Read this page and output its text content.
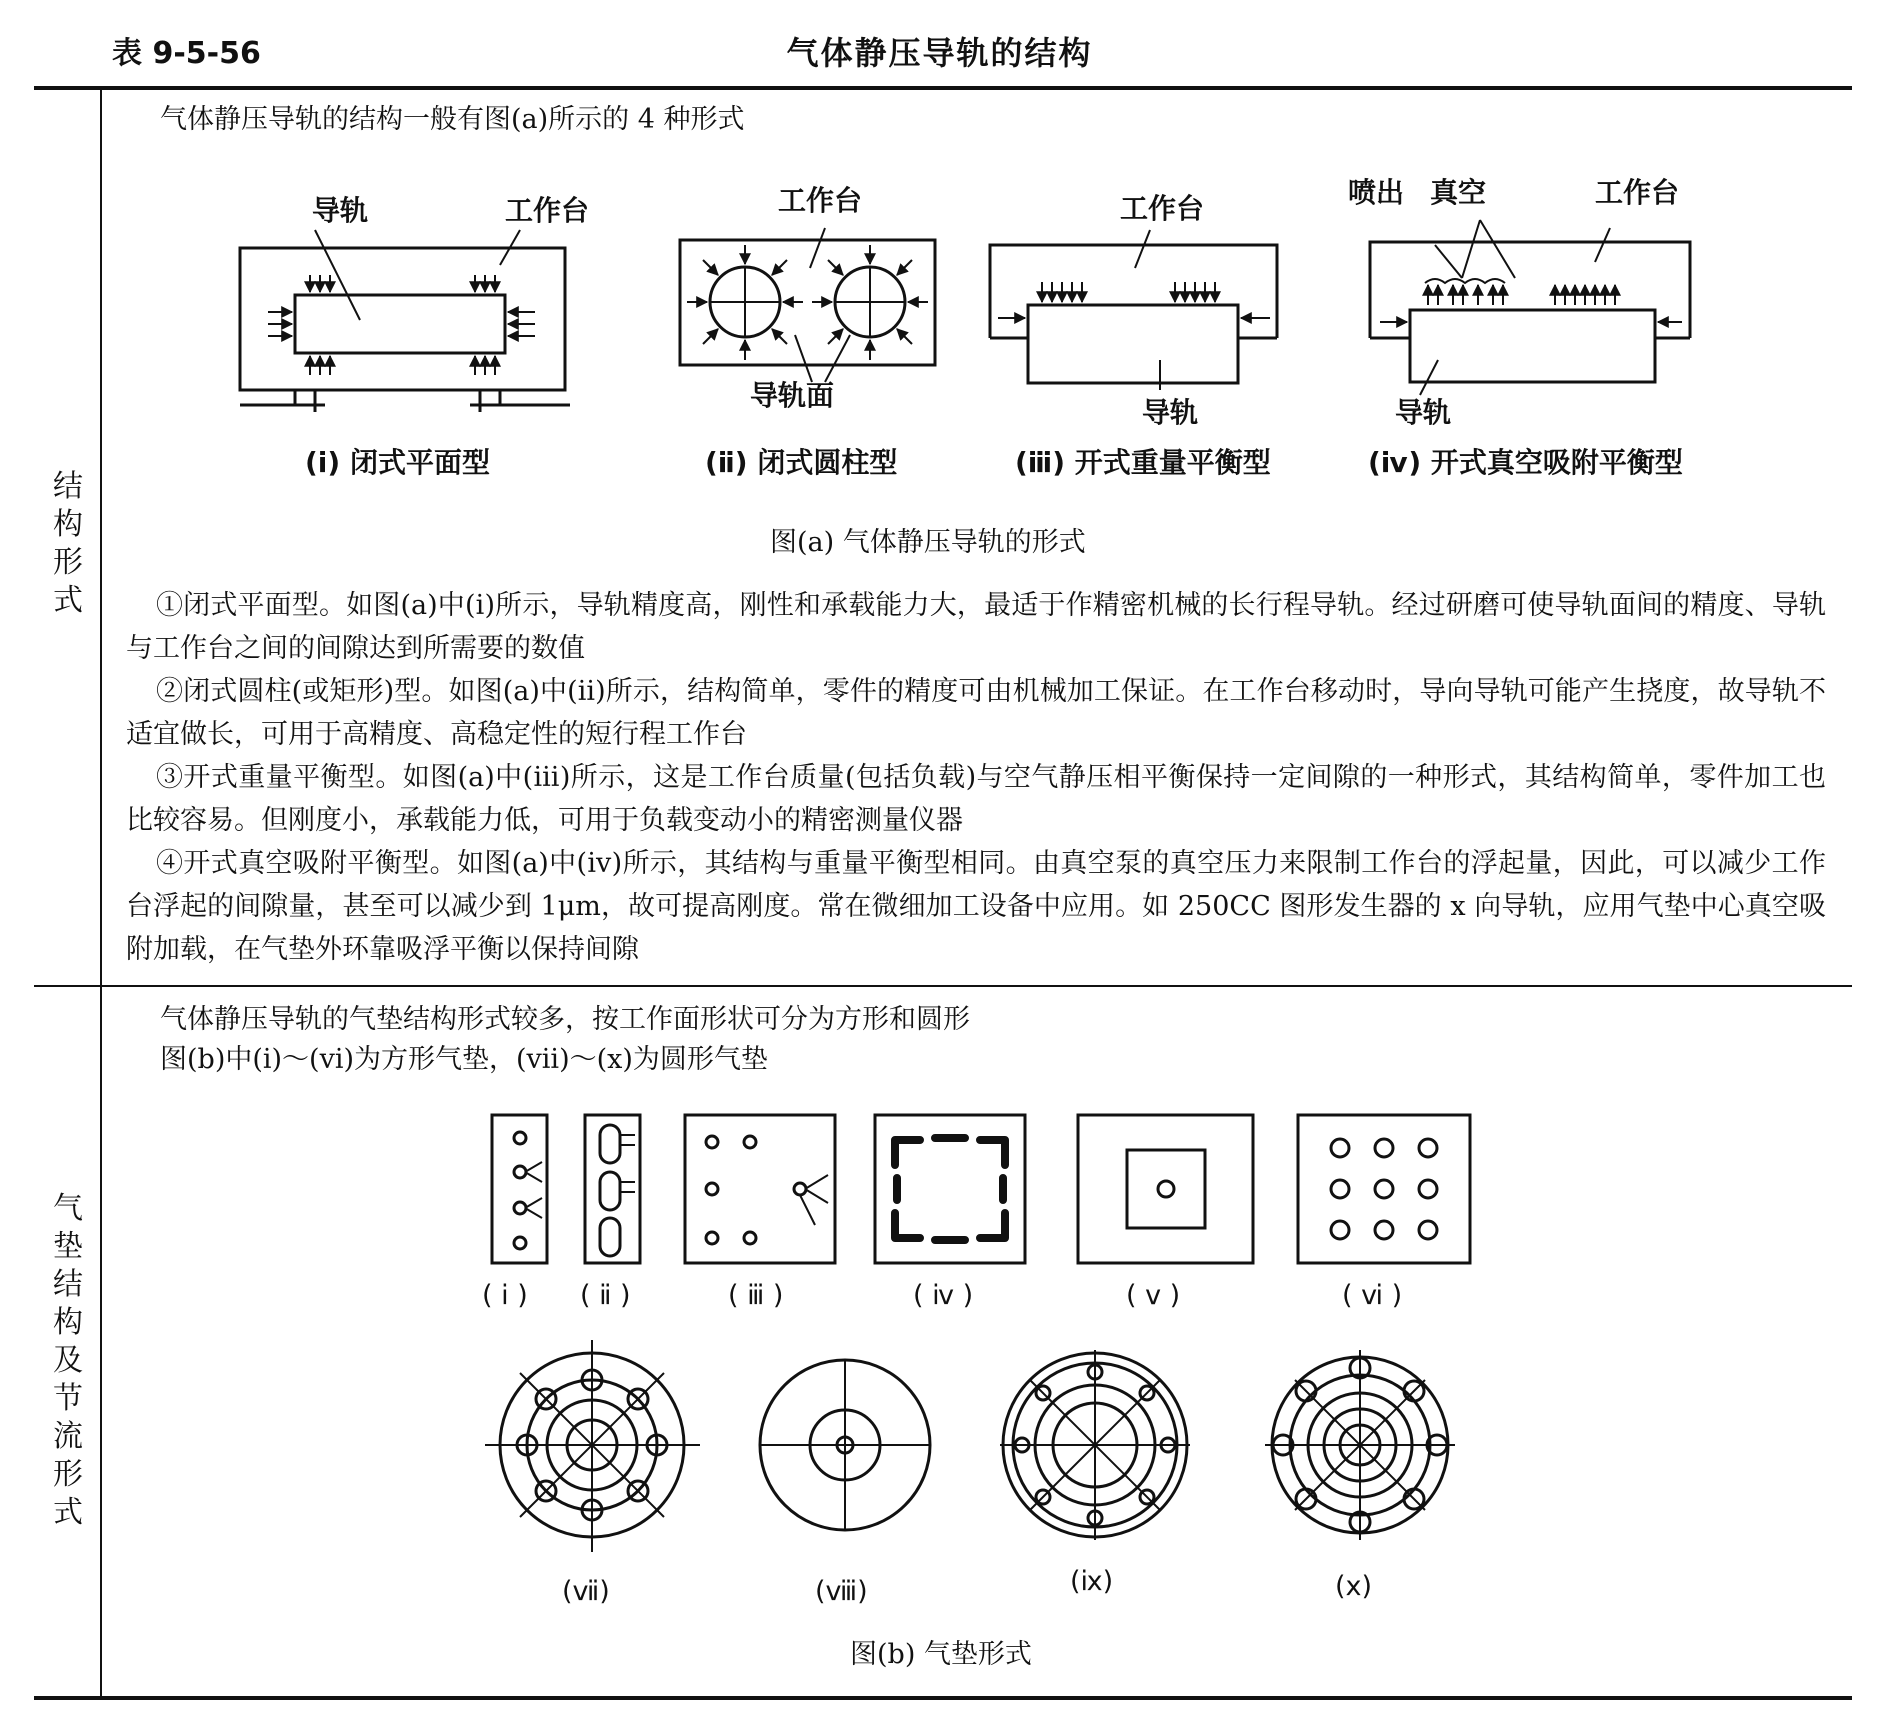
表 9-5-56	气体静压导轨的结构
结
构
形
式
气体静压导轨的结构一般有图(a)所示的 4 种形式
导轨	工作台	工作台
导轨面
工作台
导轨
喷出 真空	工作台
导轨
(ⅰ) 闭式平面型	(ⅱ) 闭式圆柱型	(ⅲ) 开式重量平衡型	(ⅳ) 开式真空吸附平衡型
图(a) 气体静压导轨的形式

①闭式平面型。如图(a)中(ⅰ)所示，导轨精度高，刚性和承载能力大，最适于作精密机械的长行程导轨。经过研磨可使导轨面间的精度、导轨与工作台之间的间隙达到所需要的数值

②闭式圆柱(或矩形)型。如图(a)中(ⅱ)所示，结构简单，零件的精度可由机械加工保证。在工作台移动时，导向导轨可能产生挠度，故导轨不适宜做长，可用于高精度、高稳定性的短行程工作台

③开式重量平衡型。如图(a)中(ⅲ)所示，这是工作台质量(包括负载)与空气静压相平衡保持一定间隙的一种形式，其结构简单，零件加工也比较容易。但刚度小，承载能力低，可用于负载变动小的精密测量仪器

④开式真空吸附平衡型。如图(a)中(ⅳ)所示，其结构与重量平衡型相同。由真空泵的真空压力来限制工作台的浮起量，因此，可以减少工作台浮起的间隙量，甚至可以减少到 1μm，故可提高刚度。常在微细加工设备中应用。如 250CC 图形发生器的 x 向导轨，应用气垫中心真空吸附加载，在气垫外环靠吸浮平衡以保持间隙

气
垫
结
构
及
节
流
形
式
气体静压导轨的气垫结构形式较多，按工作面形状可分为方形和圆形
图(b)中(ⅰ)～(ⅵ)为方形气垫，(ⅶ)～(ⅹ)为圆形气垫
( ⅰ ) ( ⅱ )	( ⅲ )	( ⅳ )	( ⅴ )	( ⅵ )
(ⅶ)	(ⅷ)	(ⅸ)	(ⅹ)
图(b) 气垫形式
